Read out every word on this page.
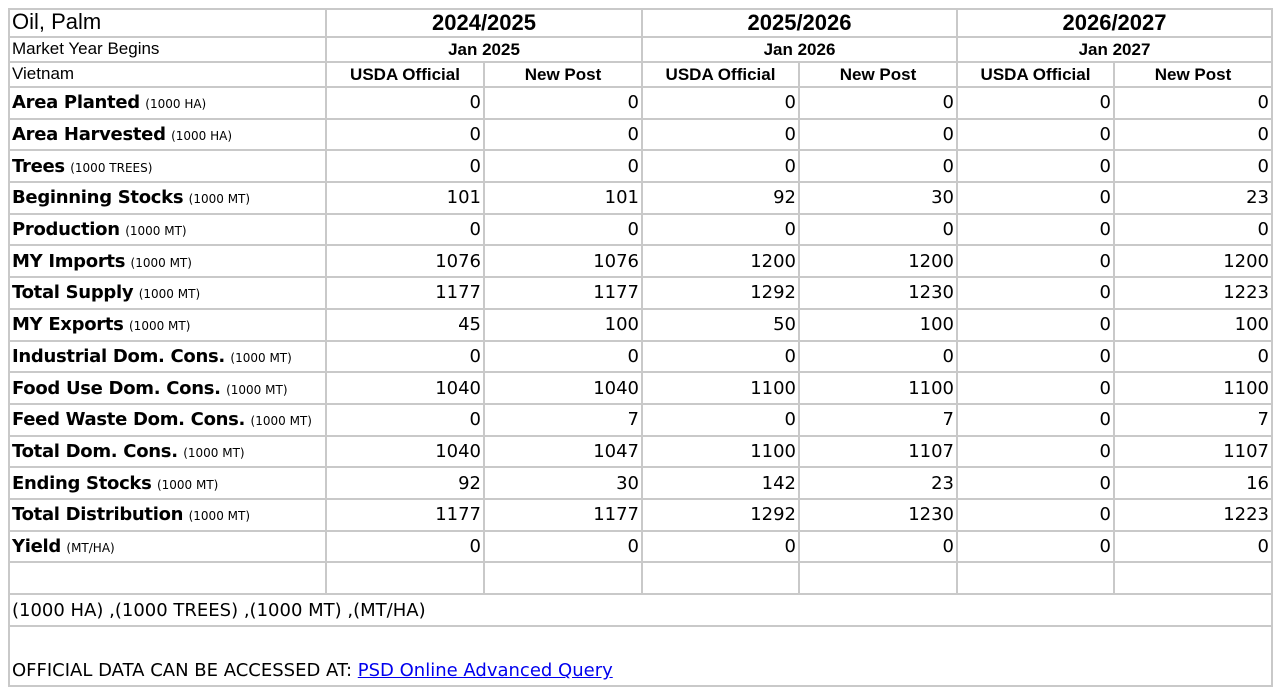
Oil, Palm	2024/2025		2025/2026		2026/2027	
Market Year Begins	Jan 2025		Jan 2026		Jan 2027	
Vietnam	USDA Official	New Post	USDA Official	New Post	USDA Official	New Post
Area Planted (1000 HA)	0	0	0	0	0	0
Area Harvested (1000 HA)	0	0	0	0	0	0
Trees (1000 TREES)	0	0	0	0	0	0
Beginning Stocks (1000 MT)	101	101	92	30	0	23
Production (1000 MT)	0	0	0	0	0	0
MY Imports (1000 MT)	1076	1076	1200	1200	0	1200
Total Supply (1000 MT)	1177	1177	1292	1230	0	1223
MY Exports (1000 MT)	45	100	50	100	0	100
Industrial Dom. Cons. (1000 MT)	0	0	0	0	0	0
Food Use Dom. Cons. (1000 MT)	1040	1040	1100	1100	0	1100
Feed Waste Dom. Cons. (1000 MT)	0	7	0	7	0	7
Total Dom. Cons. (1000 MT)	1040	1047	1100	1107	0	1107
Ending Stocks (1000 MT)	92	30	142	23	0	16
Total Distribution (1000 MT)	1177	1177	1292	1230	0	1223
Yield (MT/HA)	0	0	0	0	0	0

(1000 HA) ,(1000 TREES) ,(1000 MT) ,(MT/HA)						
OFFICIAL DATA CAN BE ACCESSED AT: PSD Online Advanced Query						
